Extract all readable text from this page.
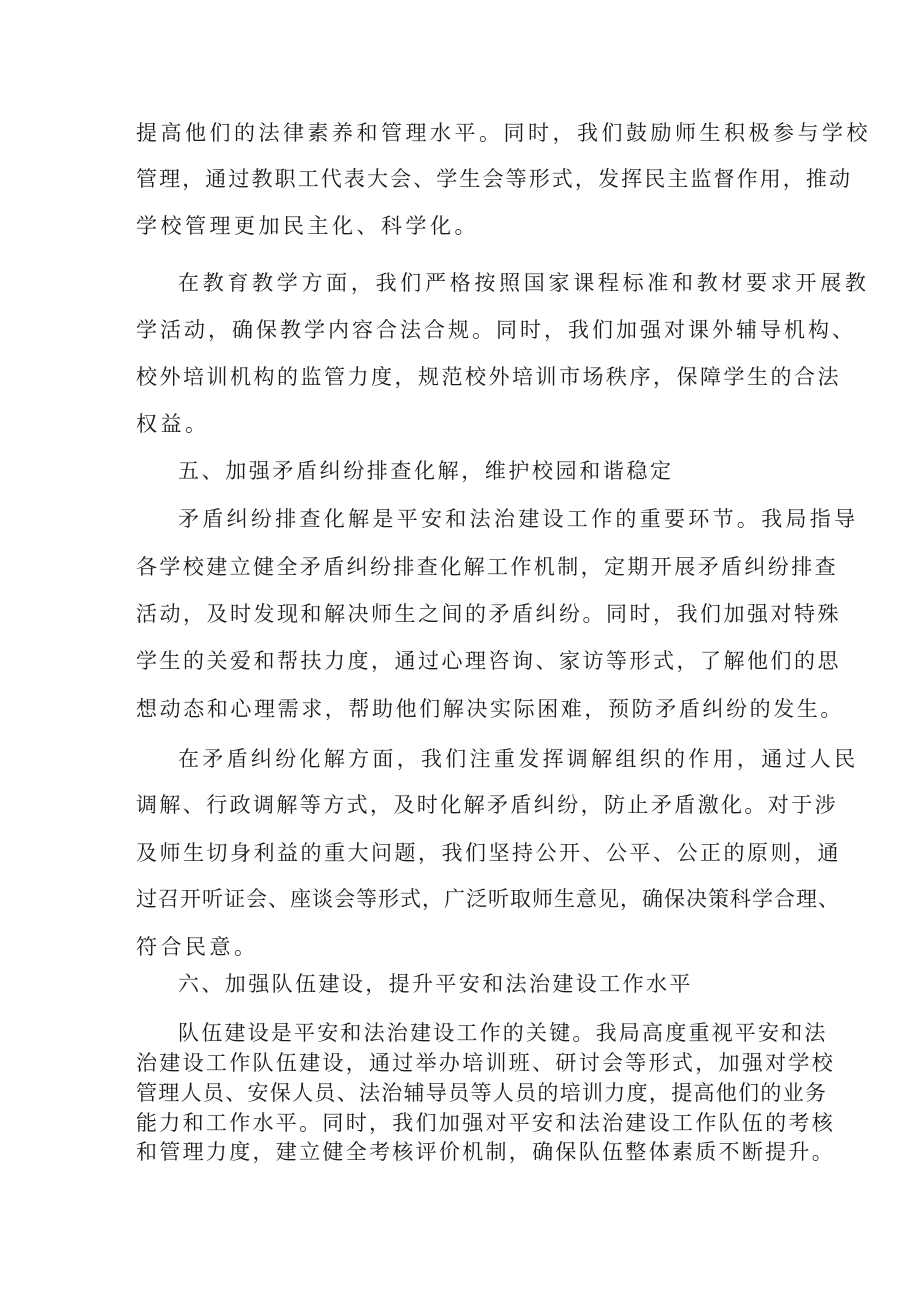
提高他们的法律素养和管理水平。同时，我们鼓励师生积极参与学校
管理，通过教职工代表大会、学生会等形式，发挥民主监督作用，推动
学校管理更加民主化、科学化。
在教育教学方面，我们严格按照国家课程标准和教材要求开展教
学活动，确保教学内容合法合规。同时，我们加强对课外辅导机构、
校外培训机构的监管力度，规范校外培训市场秩序，保障学生的合法
权益。
五、加强矛盾纠纷排查化解，维护校园和谐稳定
矛盾纠纷排查化解是平安和法治建设工作的重要环节。我局指导
各学校建立健全矛盾纠纷排查化解工作机制，定期开展矛盾纠纷排查
活动，及时发现和解决师生之间的矛盾纠纷。同时，我们加强对特殊
学生的关爱和帮扶力度，通过心理咨询、家访等形式，了解他们的思
想动态和心理需求，帮助他们解决实际困难，预防矛盾纠纷的发生。
在矛盾纠纷化解方面，我们注重发挥调解组织的作用，通过人民
调解、行政调解等方式，及时化解矛盾纠纷，防止矛盾激化。对于涉
及师生切身利益的重大问题，我们坚持公开、公平、公正的原则，通
过召开听证会、座谈会等形式，广泛听取师生意见，确保决策科学合理、
符合民意。
六、加强队伍建设，提升平安和法治建设工作水平
队伍建设是平安和法治建设工作的关键。我局高度重视平安和法
治建设工作队伍建设，通过举办培训班、研讨会等形式，加强对学校
管理人员、安保人员、法治辅导员等人员的培训力度，提高他们的业务
能力和工作水平。同时，我们加强对平安和法治建设工作队伍的考核
和管理力度，建立健全考核评价机制，确保队伍整体素质不断提升。
